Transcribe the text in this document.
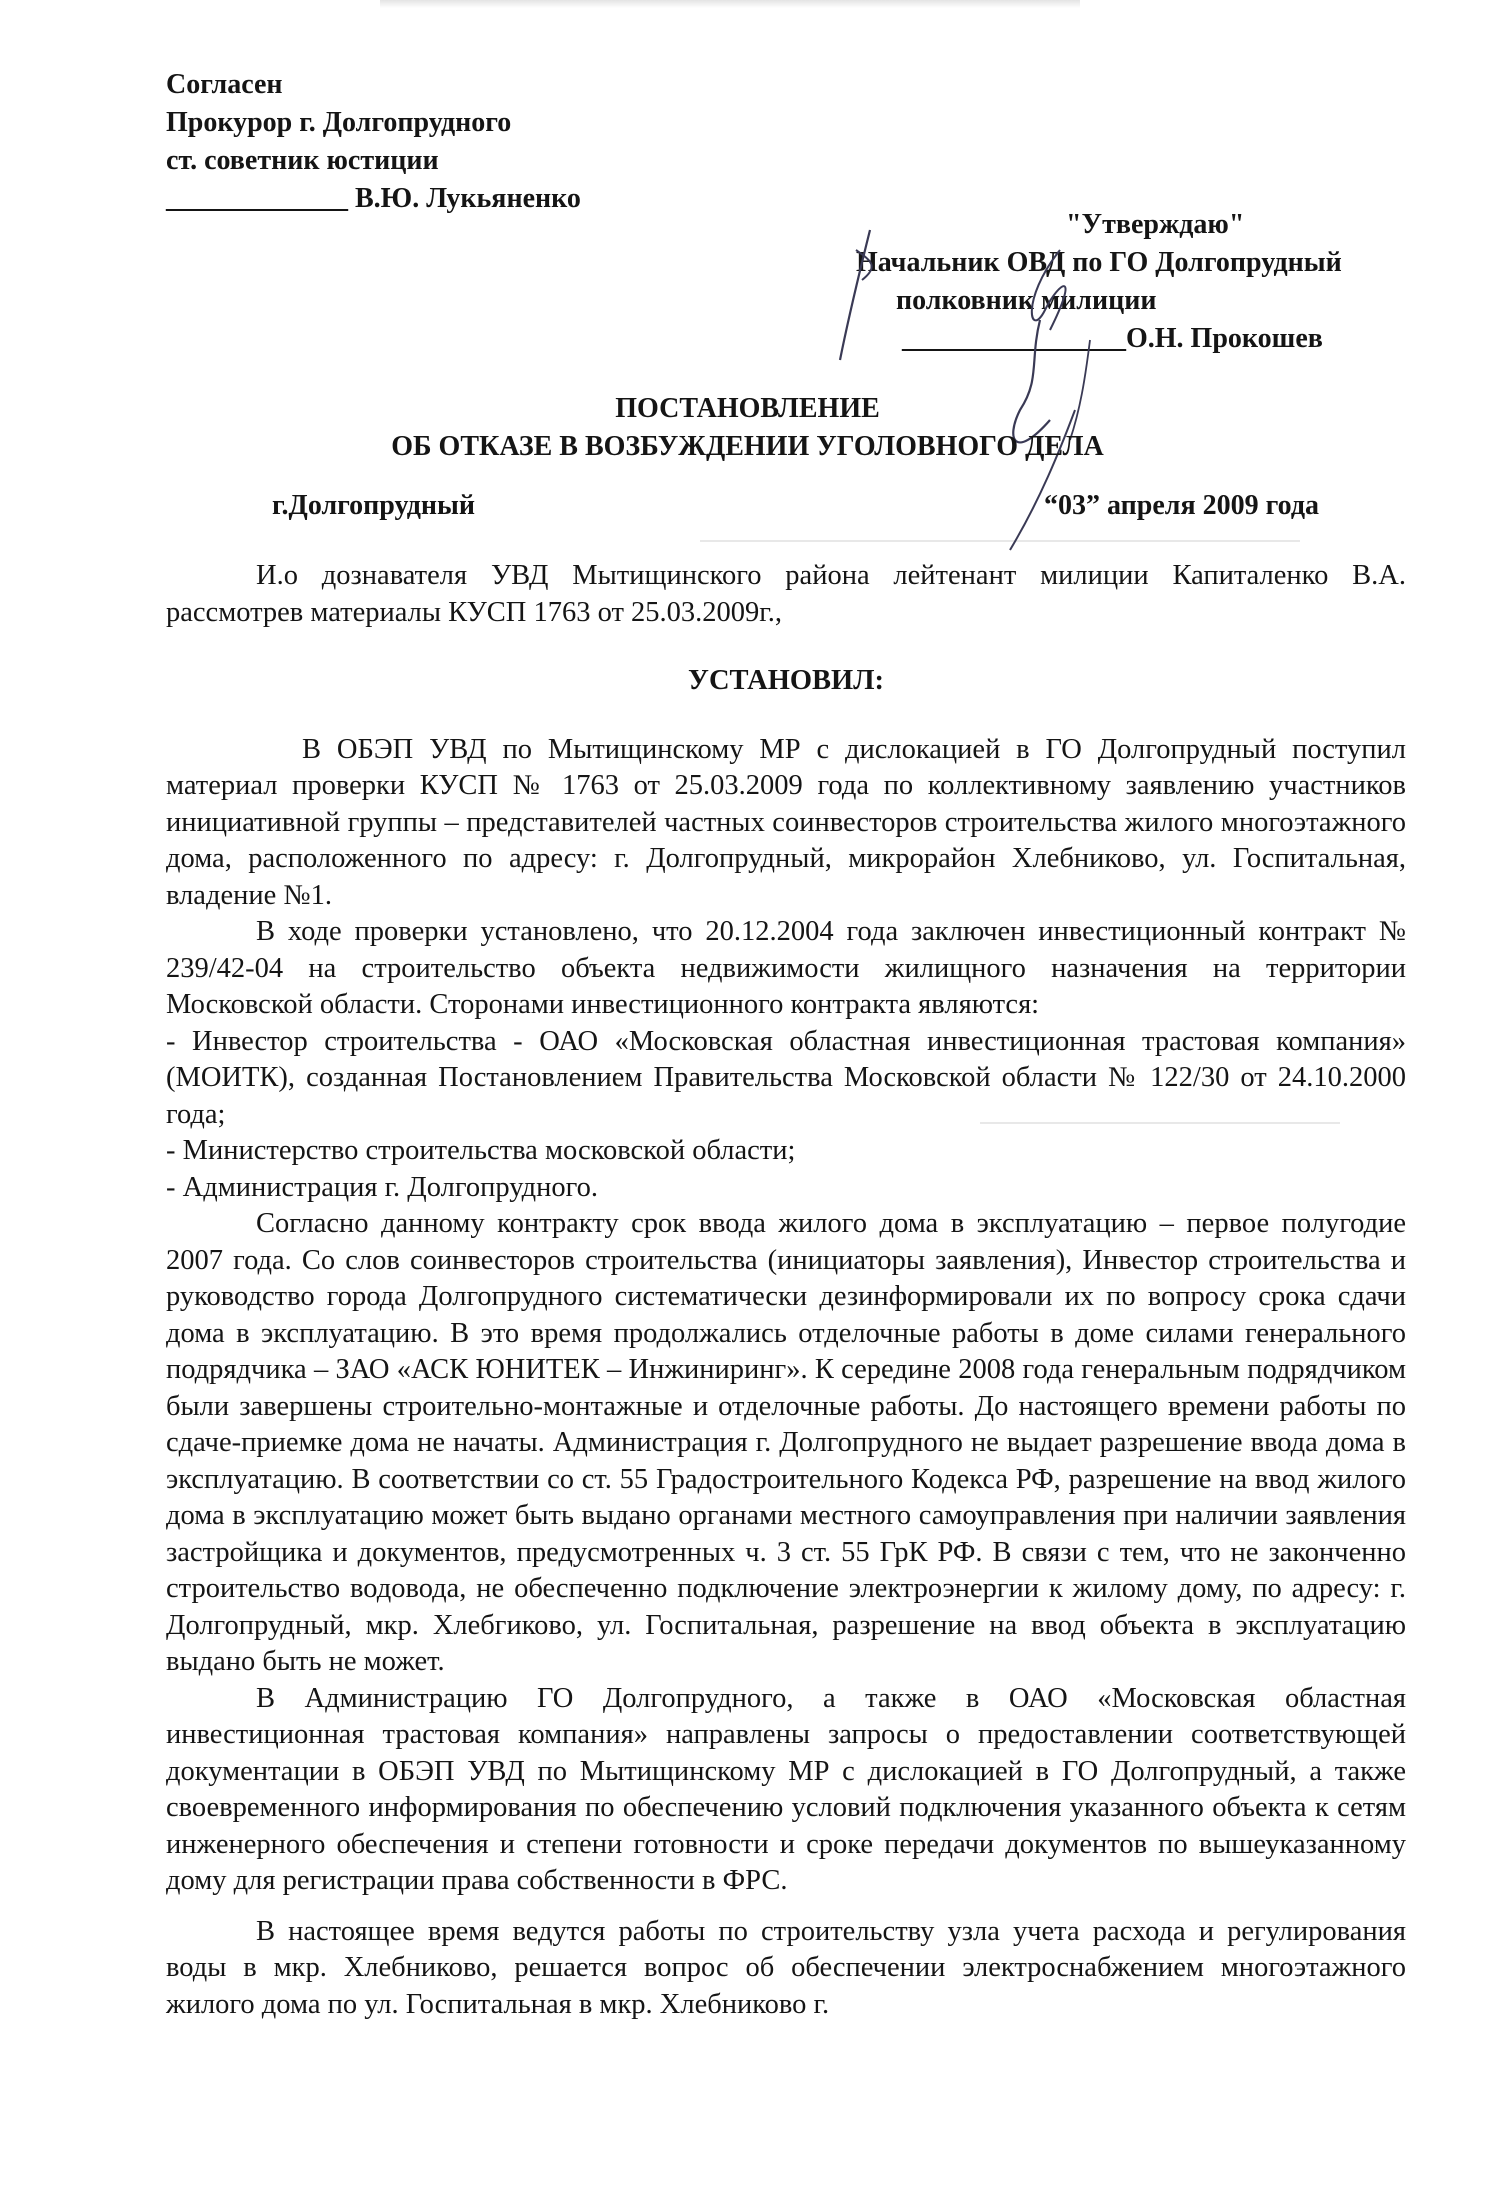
Согласен
Прокурор г. Долгопрудного
ст. советник юстиции
_____________ В.Ю. Лукьяненко
"Утверждаю"
Начальник ОВД по ГО Долгопрудный
полковник милиции
________________О.Н. Прокошев
ПОСТАНОВЛЕНИЕ
ОБ ОТКАЗЕ В ВОЗБУЖДЕНИИ УГОЛОВНОГО ДЕЛА
г.Долгопрудный	“03” апреля 2009 года

И.о дознавателя УВД Мытищинского района лейтенант милиции Капиталенко В.А. рассмотрев материалы КУСП 1763 от 25.03.2009г.,

УСТАНОВИЛ:

В ОБЭП УВД по Мытищинскому МР с дислокацией в ГО Долгопрудный поступил материал проверки КУСП № 1763 от 25.03.2009 года по коллективному заявлению участников инициативной группы – представителей частных соинвесторов строительства жилого многоэтажного дома, расположенного по адресу: г. Долгопрудный, микрорайон Хлебниково, ул. Госпитальная, владение №1.

В ходе проверки установлено, что 20.12.2004 года заключен инвестиционный контракт № 239/42-04 на строительство объекта недвижимости жилищного назначения на территории Московской области. Сторонами инвестиционного контракта являются:

- Инвестор строительства - ОАО «Московская областная инвестиционная трастовая компания» (МОИТК), созданная Постановлением Правительства Московской области № 122/30 от 24.10.2000 года;

- Министерство строительства московской области;

- Администрация г. Долгопрудного.

Согласно данному контракту срок ввода жилого дома в эксплуатацию – первое полугодие 2007 года. Со слов соинвесторов строительства (инициаторы заявления), Инвестор строительства и руководство города Долгопрудного систематически дезинформировали их по вопросу срока сдачи дома в эксплуатацию. В это время продолжались отделочные работы в доме силами генерального подрядчика – ЗАО «АСК ЮНИТЕК – Инжиниринг». К середине 2008 года генеральным подрядчиком были завершены строительно-монтажные и отделочные работы. До настоящего времени работы по сдаче-приемке дома не начаты. Администрация г. Долгопрудного не выдает разрешение ввода дома в эксплуатацию. В соответствии со ст. 55 Градостроительного Кодекса РФ, разрешение на ввод жилого дома в эксплуатацию может быть выдано органами местного самоуправления при наличии заявления застройщика и документов, предусмотренных ч. 3 ст. 55 ГрК РФ. В связи с тем, что не законченно строительство водовода, не обеспеченно подключение электроэнергии к жилому дому, по адресу: г. Долгопрудный, мкр. Хлебгиково, ул. Госпитальная, разрешение на ввод объекта в эксплуатацию выдано быть не может.

В Администрацию ГО Долгопрудного, а также в ОАО «Московская областная инвестиционная трастовая компания» направлены запросы о предоставлении соответствующей документации в ОБЭП УВД по Мытищинскому МР с дислокацией в ГО Долгопрудный, а также своевременного информирования по обеспечению условий подключения указанного объекта к сетям инженерного обеспечения и степени готовности и сроке передачи документов по вышеуказанному дому для регистрации права собственности в ФРС.

В настоящее время ведутся работы по строительству узла учета расхода и регулирования воды в мкр. Хлебниково, решается вопрос об обеспечении электроснабжением многоэтажного жилого дома по ул. Госпитальная в мкр. Хлебниково г.
